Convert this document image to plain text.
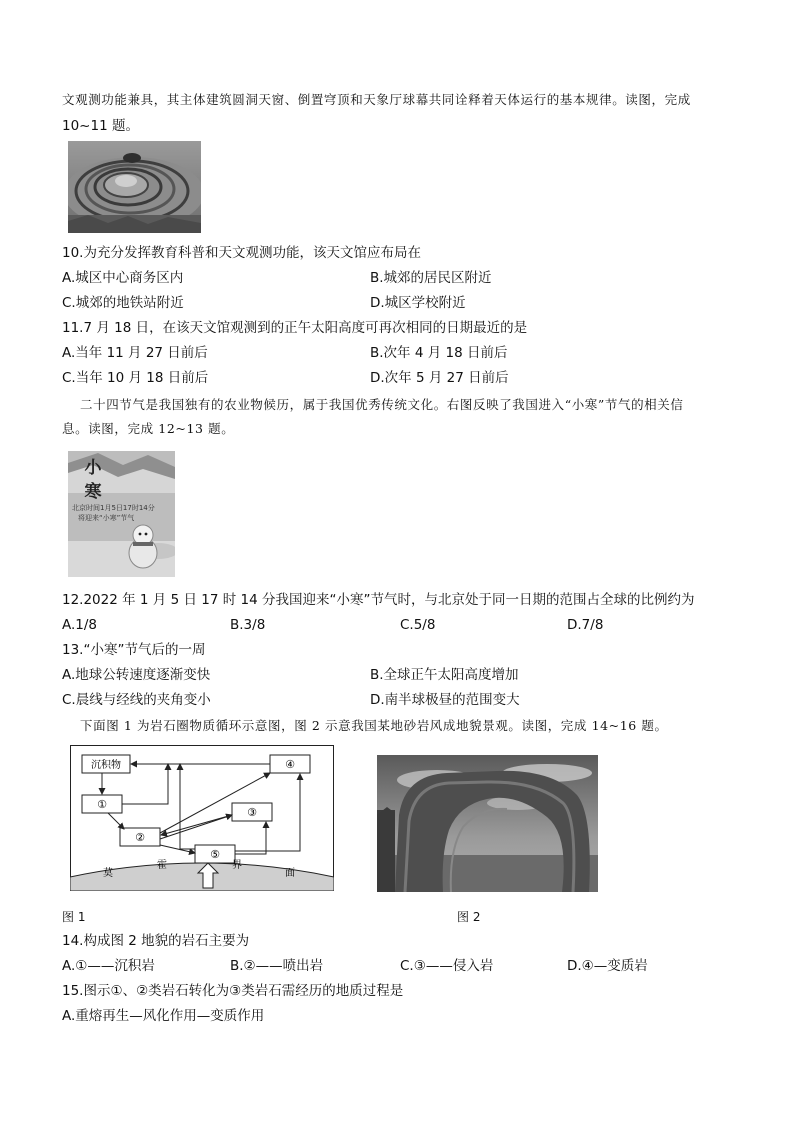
文观测功能兼具，其主体建筑圆洞天窗、倒置穹顶和天象厅球幕共同诠释着天体运行的基本规律。读图，完成
10~11 题。
10.为充分发挥教育科普和天文观测功能，该天文馆应布局在
A.城区中心商务区内	B.城郊的居民区附近
C.城郊的地铁站附近	D.城区学校附近
11.7 月 18 日，在该天文馆观测到的正午太阳高度可再次相同的日期最近的是
A.当年 11 月 27 日前后	B.次年 4 月 18 日前后
C.当年 10 月 18 日前后	D.次年 5 月 27 日前后
二十四节气是我国独有的农业物候历，属于我国优秀传统文化。右图反映了我国进入“小寒”节气的相关信
息。读图，完成 12~13 题。
小
寒
北京时间1月5日17时14分
将迎来“小寒”节气
12.2022 年 1 月 5 日 17 时 14 分我国迎来“小寒”节气时，与北京处于同一日期的范围占全球的比例约为
A.1/8	B.3/8	C.5/8	D.7/8
13.“小寒”节气后的一周
A.地球公转速度逐渐变快	B.全球正午太阳高度增加
C.晨线与经线的夹角变小	D.南半球极昼的范围变大
下面图 1 为岩石圈物质循环示意图，图 2 示意我国某地砂岩风成地貌景观。读图，完成 14~16 题。
沉积物
①
②
③
④
⑤
莫
霍	界
面
图 1	图 2
14.构成图 2 地貌的岩石主要为
A.①——沉积岩	B.②——喷出岩	C.③——侵入岩	D.④—变质岩
15.图示①、②类岩石转化为③类岩石需经历的地质过程是
A.重熔再生—风化作用—变质作用
